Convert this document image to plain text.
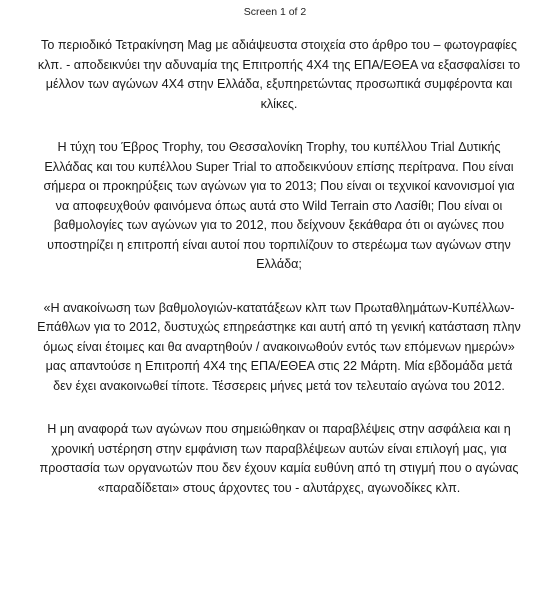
Screen 1 of 2

Το περιοδικό Τετρακίνηση Mag με αδιάψευστα στοιχεία στο άρθρο του – φωτογραφίες κλπ. - αποδεικνύει την αδυναμία της Επιτροπής 4Χ4 της ΕΠΑ/ΕΘΕΑ να εξασφαλίσει το μέλλον των αγώνων 4Χ4 στην Ελλάδα, εξυπηρετώντας προσωπικά συμφέροντα και κλίκες.

Η τύχη του Έβρος Trophy, του Θεσσαλονίκη Trophy, του κυπέλλου Trial Δυτικής Ελλάδας και του κυπέλλου Super Trial το αποδεικνύουν επίσης περίτρανα. Που είναι σήμερα οι προκηρύξεις των αγώνων για το 2013; Που είναι οι τεχνικοί κανονισμοί για να αποφευχθούν φαινόμενα όπως αυτά στο Wild Terrain στο Λασίθι; Που είναι οι βαθμολογίες των αγώνων για το 2012, που δείχνουν ξεκάθαρα ότι οι αγώνες που υποστηρίζει η επιτροπή είναι αυτοί που τορπιλίζουν το στερέωμα των αγώνων στην Ελλάδα;

«Η ανακοίνωση των βαθμολογιών-κατατάξεων κλπ των Πρωταθλημάτων-Κυπέλλων-Επάθλων για το 2012, δυστυχώς επηρεάστηκε και αυτή από τη γενική κατάσταση πλην όμως είναι έτοιμες και θα αναρτηθούν / ανακοινωθούν εντός των επόμενων ημερών» μας απαντούσε η Επιτροπή 4Χ4 της ΕΠΑ/ΕΘΕΑ στις 22 Μάρτη. Μία εβδομάδα μετά δεν έχει ανακοινωθεί τίποτε. Τέσσερεις μήνες μετά τον τελευταίο αγώνα του 2012.

Η μη αναφορά των αγώνων που σημειώθηκαν οι παραβλέψεις στην ασφάλεια και η χρονική υστέρηση στην εμφάνιση των παραβλέψεων αυτών είναι επιλογή μας, για προστασία των οργανωτών που δεν έχουν καμία ευθύνη από τη στιγμή που ο αγώνας «παραδίδεται» στους άρχοντες του - αλυτάρχες, αγωνοδίκες κλπ.
